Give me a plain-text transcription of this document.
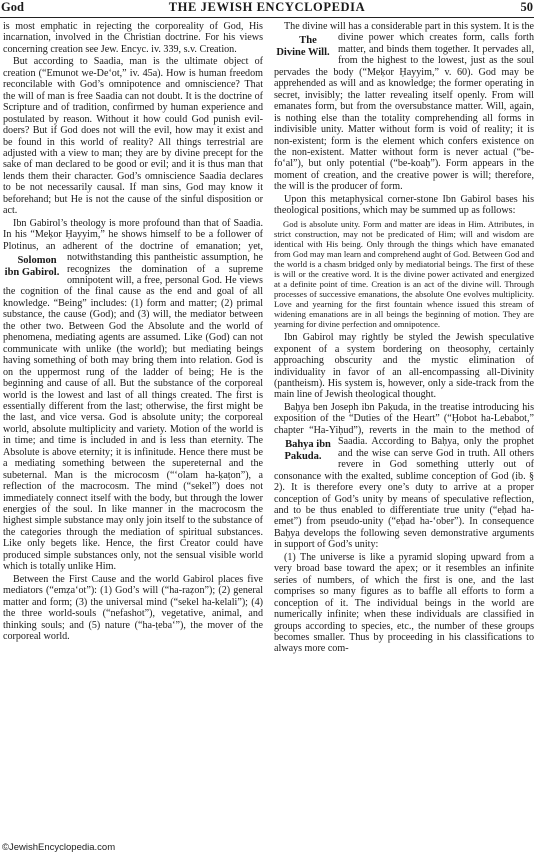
God	THE JEWISH ENCYCLOPEDIA	50

is most emphatic in rejecting the corporeality of God, His incarnation, involved in the Christian doctrine. For his views concerning creation see Jew. Encyc. iv. 339, s.v. Creation.

But according to Saadia, man is the ultimate object of creation (“Emunot we-De‘ot,” iv. 45a). How is human freedom reconcilable with God’s omnipotence and omniscience? That the will of man is free Saadia can not doubt. It is the doctrine of Scripture and of tradition, confirmed by human experience and postulated by reason. Without it how could God punish evil-doers? But if God does not will the evil, how may it exist and be found in this world of reality? All things terrestrial are adjusted with a view to man; they are by divine precept for the sake of man declared to be good or evil; and it is thus man that lends them their character. God’s omniscience Saadia declares to be not necessarily causal. If man sins, God may know it beforehand; but He is not the cause of the sinful disposition or act.

Ibn Gabirol’s theology is more profound than that of Saadia. In his “Meḳor Ḥayyim,” he shows himself to be a follower of Plotinus, an adherent of the doctrine of emanation; yet, notwithstanding this
Solomon ibn Gabirol.
pantheistic assumption, he recognizes the domination of a supreme omnipotent will, a free, personal God. He views the cognition of the final cause as the end and goal of all knowledge. “Being” includes: (1) form and matter; (2) primal substance, the cause (God); and (3) will, the mediator between the other two. Between God the Absolute and the world of phenomena, mediating agents are assumed. Like (God) can not communicate with unlike (the world); but mediating beings having something of both may bring them into relation. God is on the uppermost rung of the ladder of being; He is the beginning and cause of all. But the substance of the corporeal world is the lowest and last of all things created. The first is essentially different from the last; otherwise, the first might be the last, and vice versa. God is absolute unity; the corporeal world, absolute multiplicity and variety. Motion of the world is in time; and time is included in and is less than eternity. The Absolute is above eternity; it is infinitude. Hence there must be a mediating something between the supereternal and the subeternal. Man is the microcosm (“‘olam ha-ḳaṭon”), a reflection of the macrocosm. The mind (“sekel”) does not immediately connect itself with the body, but through the lower energies of the soul. In like manner in the macrocosm the highest simple substance may only join itself to the substance of the categories through the mediation of spiritual substances. Like only begets like. Hence, the first Creator could have produced simple substances only, not the sensual visible world which is totally unlike Him.

Between the First Cause and the world Gabirol places five mediators (“emẓa‘ot”): (1) God’s will (“ha-raẓon”); (2) general matter and form; (3) the universal mind (“sekel ha-kelali”); (4) the three world-souls (“nefashot”), vegetative, animal, and thinking souls; and (5) nature (“ha-ṭeba‘”), the mover of the corporeal world.

The divine will has a considerable part in this system. It is the divine power which creates form,
The Divine Will.
calls forth matter, and binds them together. It pervades all, from the highest to the lowest, just as the soul pervades the body (“Meḳor Ḥayyim,” v. 60). God may be apprehended as will and as knowledge; the former operating in secret, invisibly; the latter revealing itself openly. From will emanates form, but from the oversubstance matter. Will, again, is nothing else than the totality comprehending all forms in indivisible unity. Matter without form is void of reality; it is non-existent; form is the element which confers existence on the non-existent. Matter without form is never actual (“be-fo‘al”), but only potential (“be-koaḥ”). Form appears in the moment of creation, and the creative power is will; therefore, the will is the producer of form.

Upon this metaphysical corner-stone Ibn Gabirol bases his theological positions, which may be summed up as follows:

God is absolute unity. Form and matter are ideas in Him. Attributes, in strict construction, may not be predicated of Him; will and wisdom are identical with His being. Only through the things which have emanated from God may man learn and comprehend aught of God. Between God and the world is a chasm bridged only by mediatorial beings. The first of these is will or the creative word. It is the divine power activated and energized at a definite point of time. Creation is an act of the divine will. Through processes of successive emanations, the absolute One evolves multiplicity. Love and yearning for the first fountain whence issued this stream of widening emanations are in all beings the beginning of motion. They are yearning for divine perfection and omnipotence.

Ibn Gabirol may rightly be styled the Jewish speculative exponent of a system bordering on theosophy, certainly approaching obscurity and the mystic elimination of individuality in favor of an all-encompassing all-Divinity (pantheism). His system is, however, only a side-track from the main line of Jewish theological thought.

Baḥya ben Joseph ibn Paḳuda, in the treatise introducing his exposition of the “Duties of the Heart” (“Ḥobot ha-Lebabot,” chapter “Ha-Yiḥud”), reverts in the main to the method of Saadia. According to
Bahya ibn Pakuda.
Baḥya, only the prophet and the wise can serve God in truth. All others revere in God something utterly out of consonance with the exalted, sublime conception of God (ib. § 2). It is therefore every one’s duty to arrive at a proper conception of God’s unity by means of speculative reflection, and to be thus enabled to differentiate true unity (“eḥad ha-emet”) from pseudo-unity (“eḥad ha-‘ober”). In consequence Baḥya develops the following seven demonstrative arguments in support of God’s unity:

(1) The universe is like a pyramid sloping upward from a very broad base toward the apex; or it resembles an infinite series of numbers, of which the first is one, and the last comprises so many figures as to baffle all efforts to form a conception of it. The individual beings in the world are numerically infinite; when these individuals are classified in groups according to species, etc., the number of these groups becomes smaller. Thus by proceeding in his classifications to always more com-

©JewishEncyclopedia.com
